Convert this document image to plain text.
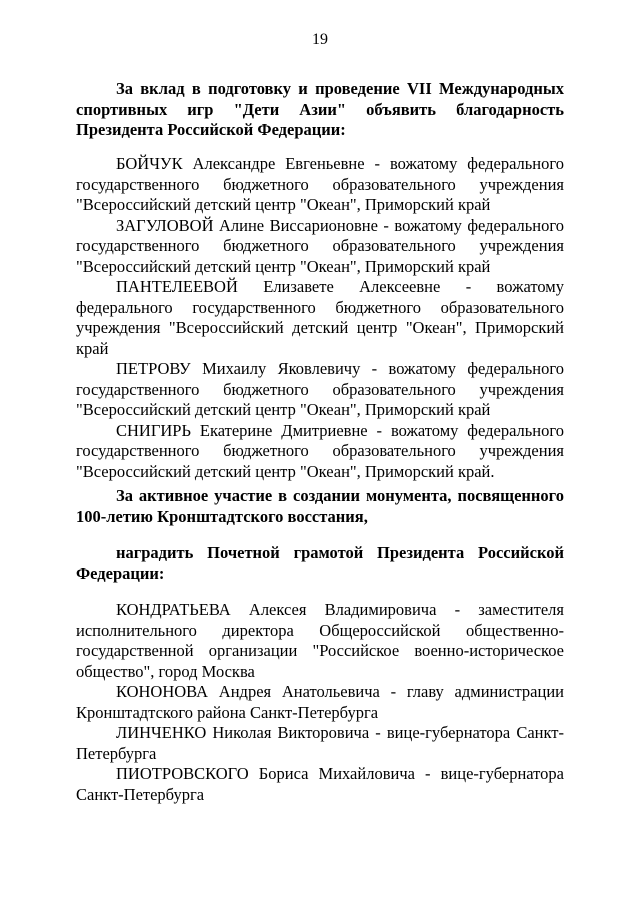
19

За вклад в подготовку и проведение VII Международных спортивных игр "Дети Азии" объявить благодарность Президента Российской Федерации:

БОЙЧУК Александре Евгеньевне - вожатому федерального государственного бюджетного образовательного учреждения "Всероссийский детский центр "Океан", Приморский край

ЗАГУЛОВОЙ Алине Виссарионовне - вожатому федерального государственного бюджетного образовательного учреждения "Всероссийский детский центр "Океан", Приморский край

ПАНТЕЛЕЕВОЙ Елизавете Алексеевне - вожатому федерального государственного бюджетного образовательного учреждения "Всероссийский детский центр "Океан", Приморский край

ПЕТРОВУ Михаилу Яковлевичу - вожатому федерального государственного бюджетного образовательного учреждения "Всероссийский детский центр "Океан", Приморский край

СНИГИРЬ Екатерине Дмитриевне - вожатому федерального государственного бюджетного образовательного учреждения "Всероссийский детский центр "Океан", Приморский край.

За активное участие в создании монумента, посвященного 100-летию Кронштадтского восстания,

наградить Почетной грамотой Президента Российской Федерации:

КОНДРАТЬЕВА Алексея Владимировича - заместителя исполнительного директора Общероссийской общественно-государственной организации "Российское военно-историческое общество", город Москва

КОНОНОВА Андрея Анатольевича - главу администрации Кронштадтского района Санкт-Петербурга

ЛИНЧЕНКО Николая Викторовича - вице-губернатора Санкт-Петербурга

ПИОТРОВСКОГО Бориса Михайловича - вице-губернатора Санкт-Петербурга
